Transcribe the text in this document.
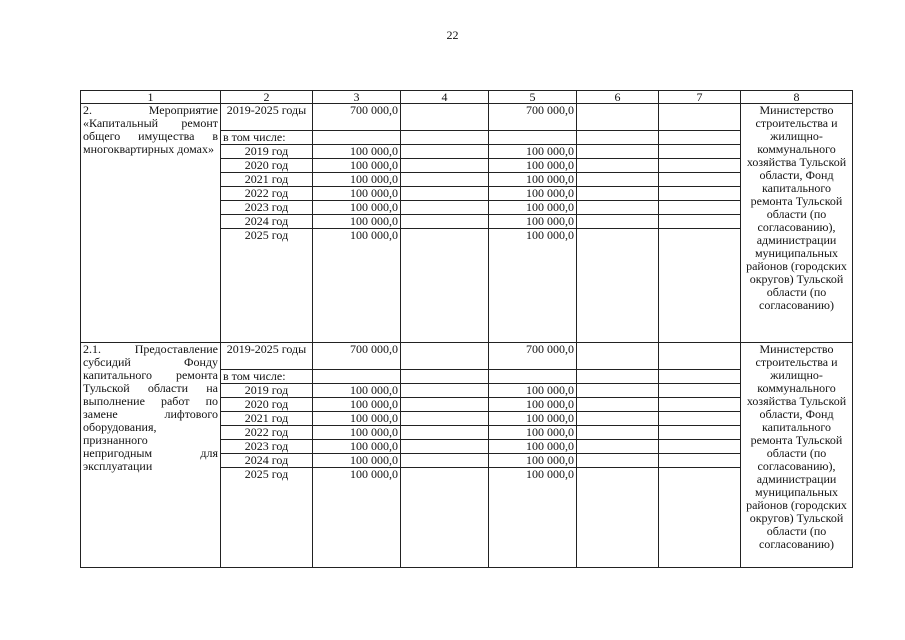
22
1	2	3	4	5	6	7	8
2. Мероприятие «Капитальный ремонт общего имущества в многоквартирных домах»	2019-2025 годы	700 000,0		700 000,0			Министерство строительства и жилищно-коммунального хозяйства Тульской области, Фонд капитального ремонта Тульской области (по согласованию), администрации муниципальных районов (городских округов) Тульской области (по согласованию)
	в том числе:						
	2019 год	100 000,0		100 000,0			
	2020 год	100 000,0		100 000,0			
	2021 год	100 000,0		100 000,0			
	2022 год	100 000,0		100 000,0			
	2023 год	100 000,0		100 000,0			
	2024 год	100 000,0		100 000,0			
	2025 год	100 000,0		100 000,0			

2.1. Предоставление субсидий Фонду капитального ремонта Тульской области на выполнение работ по замене лифтового оборудования, признанного непригодным для эксплуатации	2019-2025 годы	700 000,0		700 000,0			Министерство строительства и жилищно-коммунального хозяйства Тульской области, Фонд капитального ремонта Тульской области (по согласованию), администрации муниципальных районов (городских округов) Тульской области (по согласованию)
	в том числе:						
	2019 год	100 000,0		100 000,0			
	2020 год	100 000,0		100 000,0			
	2021 год	100 000,0		100 000,0			
	2022 год	100 000,0		100 000,0			
	2023 год	100 000,0		100 000,0			
	2024 год	100 000,0		100 000,0			
	2025 год	100 000,0		100 000,0			
